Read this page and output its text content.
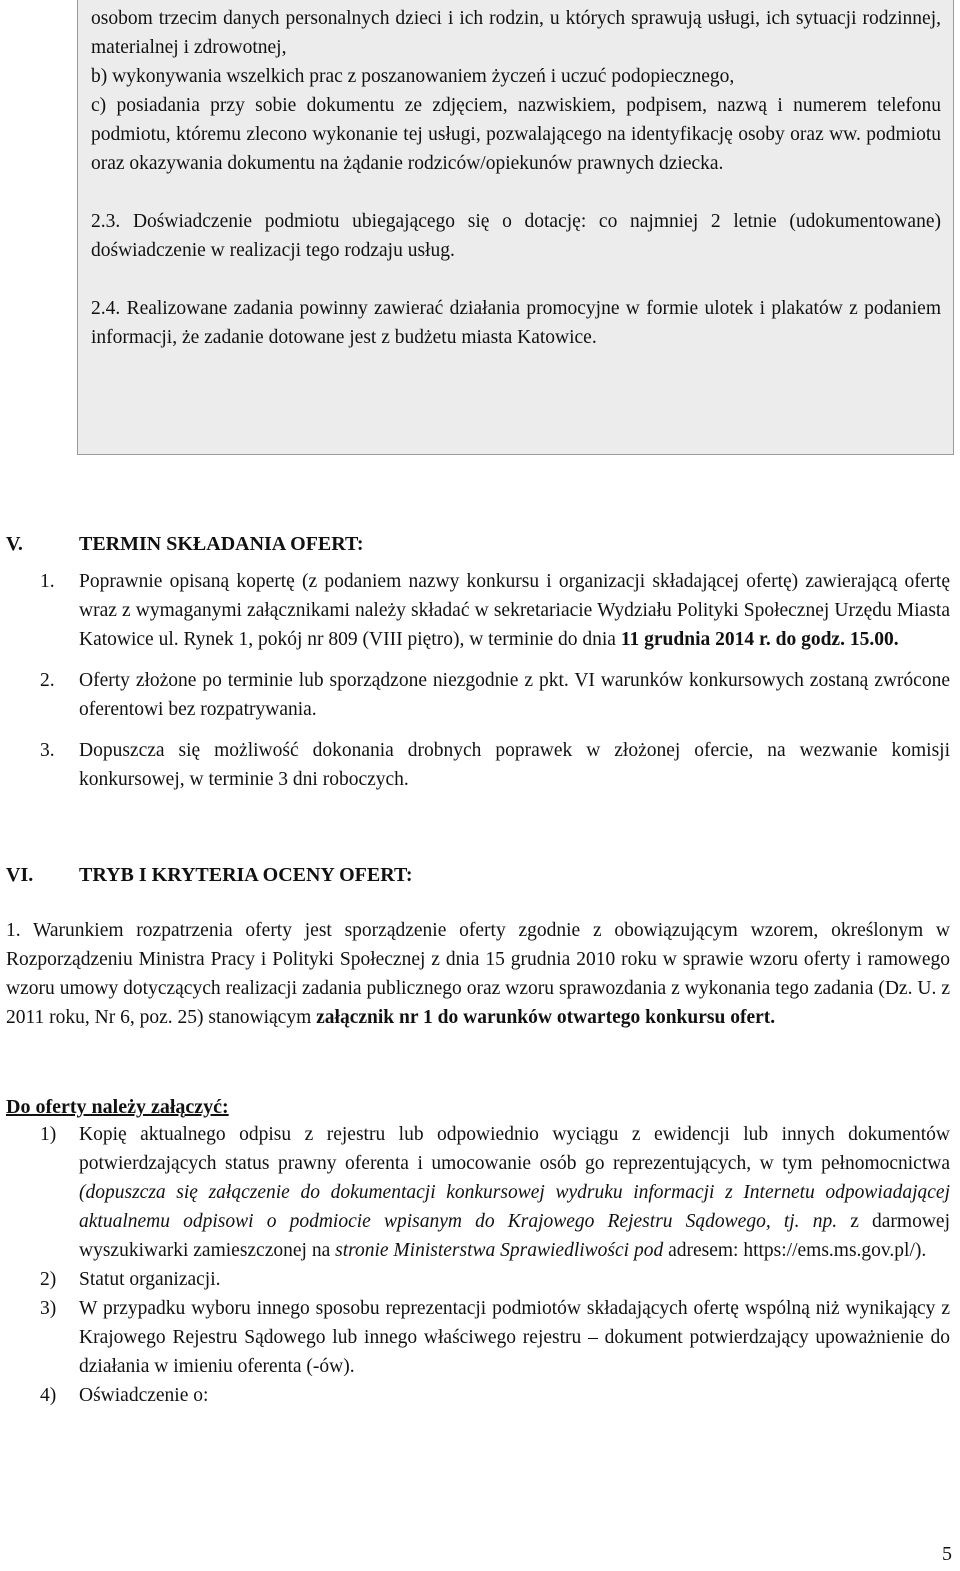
osobom trzecim danych personalnych dzieci i ich rodzin, u których sprawują usługi, ich sytuacji rodzinnej, materialnej i zdrowotnej,

b) wykonywania wszelkich prac z poszanowaniem życzeń i uczuć podopiecznego,

c) posiadania przy sobie dokumentu ze zdjęciem, nazwiskiem, podpisem, nazwą i numerem telefonu podmiotu, któremu zlecono wykonanie tej usługi, pozwalającego na identyfikację osoby oraz ww. podmiotu oraz okazywania dokumentu na żądanie rodziców/opiekunów prawnych dziecka.

2.3. Doświadczenie podmiotu ubiegającego się o dotację: co najmniej 2 letnie (udokumentowane) doświadczenie w realizacji tego rodzaju usług.

2.4. Realizowane zadania powinny zawierać działania promocyjne w formie ulotek i plakatów z podaniem informacji, że zadanie dotowane jest z budżetu miasta Katowice.

V.	TERMIN SKŁADANIA OFERT:

1. Poprawnie opisaną kopertę (z podaniem nazwy konkursu i organizacji składającej ofertę) zawierającą ofertę wraz z wymaganymi załącznikami należy składać w sekretariacie Wydziału Polityki Społecznej Urzędu Miasta Katowice ul. Rynek 1, pokój nr 809 (VIII piętro), w terminie do dnia 11 grudnia 2014 r. do godz. 15.00.

2. Oferty złożone po terminie lub sporządzone niezgodnie z pkt. VI warunków konkursowych zostaną zwrócone oferentowi bez rozpatrywania.

3. Dopuszcza się możliwość dokonania drobnych poprawek w złożonej ofercie, na wezwanie komisji konkursowej, w terminie 3 dni roboczych.

VI. TRYB I KRYTERIA OCENY OFERT:
1. Warunkiem rozpatrzenia oferty jest sporządzenie oferty zgodnie z obowiązującym wzorem, określonym w Rozporządzeniu Ministra Pracy i Polityki Społecznej z dnia 15 grudnia 2010 roku w sprawie wzoru oferty i ramowego wzoru umowy dotyczących realizacji zadania publicznego oraz wzoru sprawozdania z wykonania tego zadania (Dz. U. z 2011 roku, Nr 6, poz. 25) stanowiącym załącznik nr 1 do warunków otwartego konkursu ofert.
Do oferty należy załączyć:

1) Kopię aktualnego odpisu z rejestru lub odpowiednio wyciągu z ewidencji lub innych dokumentów potwierdzających status prawny oferenta i umocowanie osób go reprezentujących, w tym pełnomocnictwa (dopuszcza się załączenie do dokumentacji konkursowej wydruku informacji z Internetu odpowiadającej aktualnemu odpisowi o podmiocie wpisanym do Krajowego Rejestru Sądowego, tj. np. z darmowej wyszukiwarki zamieszczonej na stronie Ministerstwa Sprawiedliwości pod adresem: https://ems.ms.gov.pl/).

2) Statut organizacji.

3) W przypadku wyboru innego sposobu reprezentacji podmiotów składających ofertę wspólną niż wynikający z Krajowego Rejestru Sądowego lub innego właściwego rejestru – dokument potwierdzający upoważnienie do działania w imieniu oferenta (-ów).

4) Oświadczenie o:

5
